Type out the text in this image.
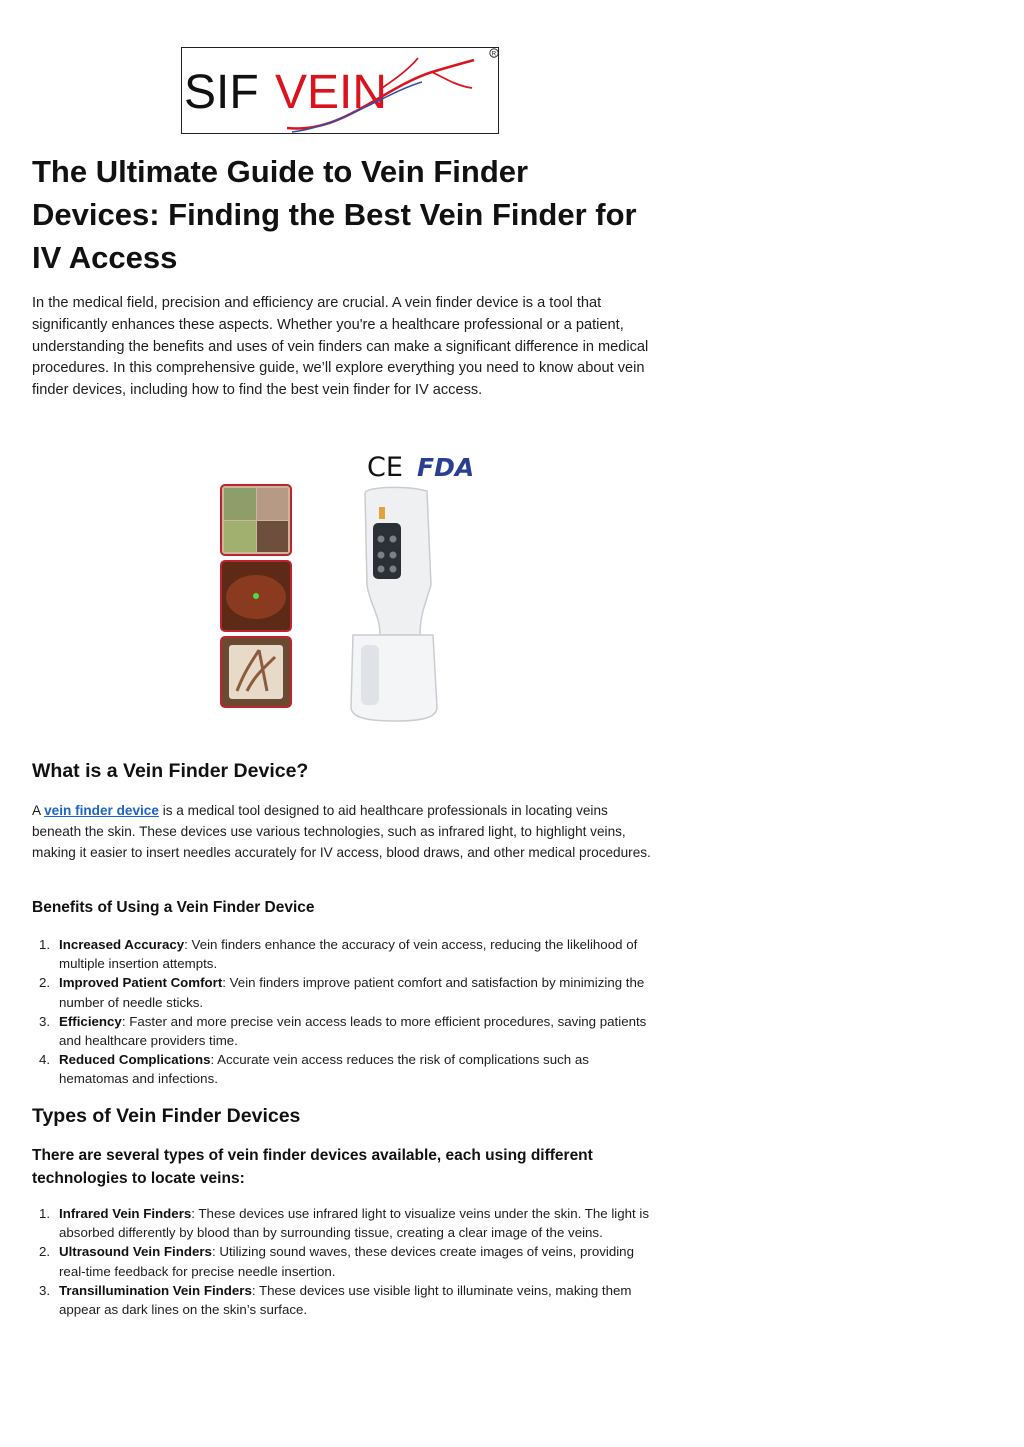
SIF VEIN
R
The Ultimate Guide to Vein Finder Devices: Finding the Best Vein Finder for IV Access

In the medical field, precision and efficiency are crucial. A vein finder device is a tool that significantly enhances these aspects. Whether you're a healthcare professional or a patient, understanding the benefits and uses of vein finders can make a significant difference in medical procedures. In this comprehensive guide, we’ll explore everything you need to know about vein finder devices, including how to find the best vein finder for IV access.

CE FDA
What is a Vein Finder Device?

A vein finder device is a medical tool designed to aid healthcare professionals in locating veins beneath the skin. These devices use various technologies, such as infrared light, to highlight veins, making it easier to insert needles accurately for IV access, blood draws, and other medical procedures.

Benefits of Using a Vein Finder Device
1. Increased Accuracy: Vein finders enhance the accuracy of vein access, reducing the likelihood of multiple insertion attempts.
2. Improved Patient Comfort: Vein finders improve patient comfort and satisfaction by minimizing the number of needle sticks.
3. Efficiency: Faster and more precise vein access leads to more efficient procedures, saving patients and healthcare providers time.
4. Reduced Complications: Accurate vein access reduces the risk of complications such as hematomas and infections.
Types of Vein Finder Devices
There are several types of vein finder devices available, each using different technologies to locate veins:
1. Infrared Vein Finders: These devices use infrared light to visualize veins under the skin. The light is absorbed differently by blood than by surrounding tissue, creating a clear image of the veins.
2. Ultrasound Vein Finders: Utilizing sound waves, these devices create images of veins, providing real-time feedback for precise needle insertion.
3. Transillumination Vein Finders: These devices use visible light to illuminate veins, making them appear as dark lines on the skin’s surface.
